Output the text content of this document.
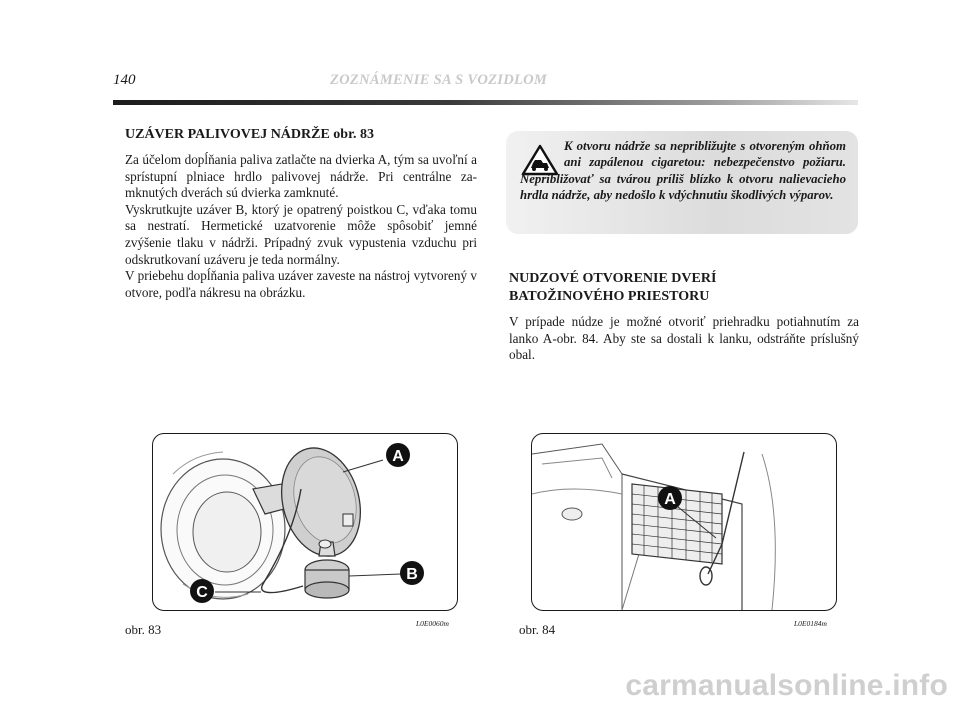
140	ZOZNÁMENIE SA S VOZIDLOM
UZÁVER PALIVOVEJ NÁDRŽE obr. 83

Za účelom dopĺňania paliva zatlačte na dvierka A, tým sa uvoľní a sprístupní plniace hrdlo palivovej nádrže. Pri centrálne zamknutých dverách sú dvierka zamknuté.

Vyskrutkujte uzáver B, ktorý je opatrený poistkou C, vďaka tomu sa nestratí. Hermetické uzatvorenie môže spôsobiť jemné zvýšenie tlaku v nádrži. Prípadný zvuk vypustenia vzduchu pri odskrutkovaní uzáveru je teda normálny.

V priebehu dopĺňania paliva uzáver zaveste na nástroj vytvorený v otvore, podľa nákresu na obrázku.

K otvoru nádrže sa nepribližujte s otvoreným ohňom ani zapálenou cigaretou: nebezpečenstvo požiaru. Nepribližovať sa tvárou príliš blízko k otvoru nalievacieho hrdla nádrže, aby nedošlo k vdýchnutiu škodlivých výparov.
NUDZOVÉ OTVORENIE DVERÍ
BATOŽINOVÉHO PRIESTORU

V prípade núdze je možné otvoriť priehradku potiahnutím za lanko A-obr. 84. Aby ste sa dostali k lanku, odstráňte príslušný obal.

A
B
C
A
obr. 83	L0E0060m	obr. 84	L0E0184m
carmanualsonline.info
